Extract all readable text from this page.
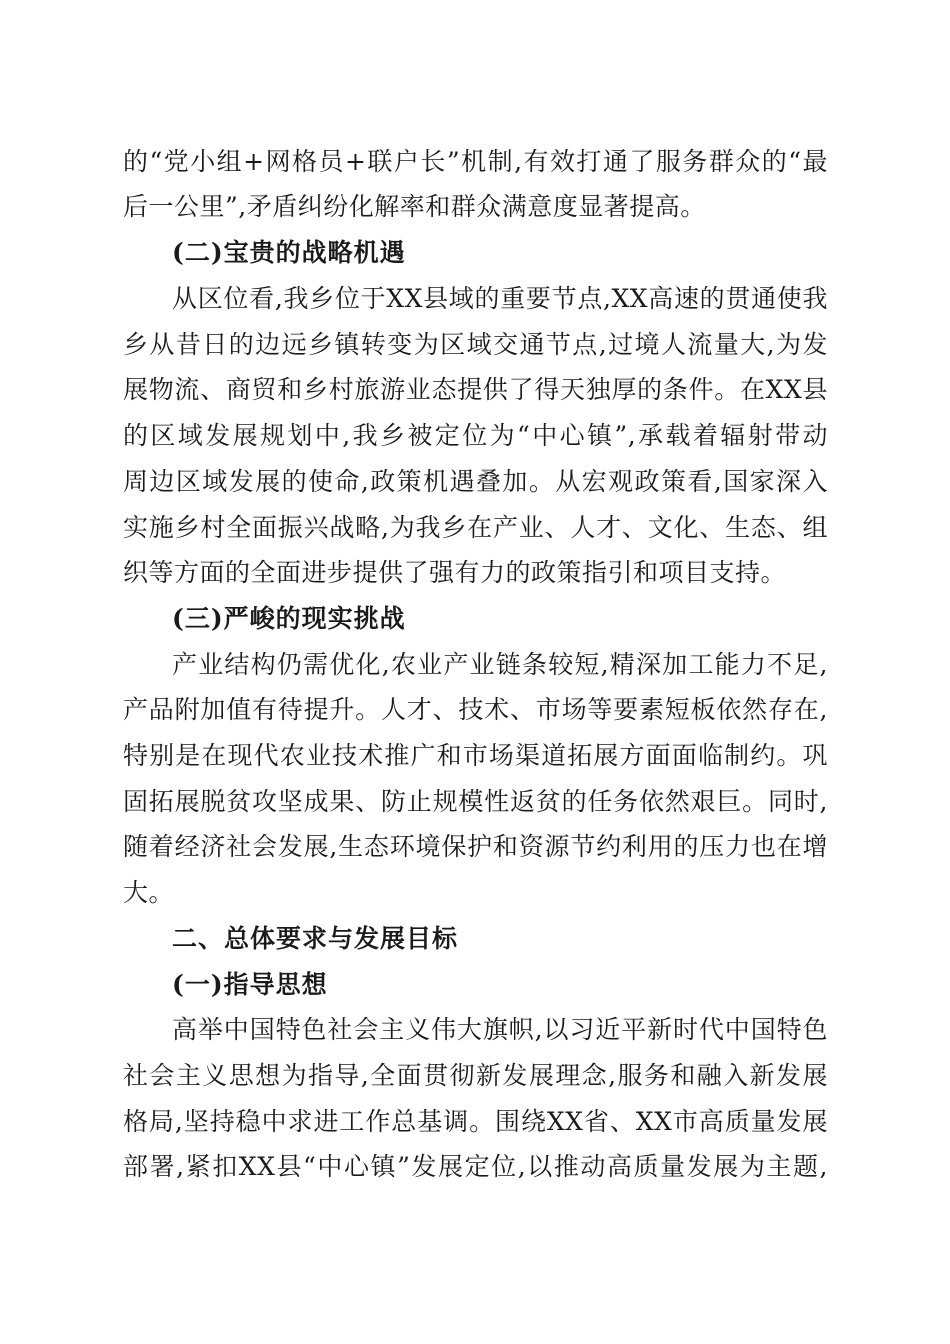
的“党小组+网格员+联户长”机制,有效打通了服务群众的“最
后一公里”,矛盾纠纷化解率和群众满意度显著提高。
(二)宝贵的战略机遇
从区位看,我乡位于XX县域的重要节点,XX高速的贯通使我
乡从昔日的边远乡镇转变为区域交通节点,过境人流量大,为发
展物流、商贸和乡村旅游业态提供了得天独厚的条件。在XX县
的区域发展规划中,我乡被定位为“中心镇”,承载着辐射带动
周边区域发展的使命,政策机遇叠加。从宏观政策看,国家深入
实施乡村全面振兴战略,为我乡在产业、人才、文化、生态、组
织等方面的全面进步提供了强有力的政策指引和项目支持。
(三)严峻的现实挑战
产业结构仍需优化,农业产业链条较短,精深加工能力不足,
产品附加值有待提升。人才、技术、市场等要素短板依然存在,
特别是在现代农业技术推广和市场渠道拓展方面面临制约。巩
固拓展脱贫攻坚成果、防止规模性返贫的任务依然艰巨。同时,
随着经济社会发展,生态环境保护和资源节约利用的压力也在增
大。
二、总体要求与发展目标
(一)指导思想
高举中国特色社会主义伟大旗帜,以习近平新时代中国特色
社会主义思想为指导,全面贯彻新发展理念,服务和融入新发展
格局,坚持稳中求进工作总基调。围绕XX省、XX市高质量发展
部署,紧扣XX县“中心镇”发展定位,以推动高质量发展为主题,
